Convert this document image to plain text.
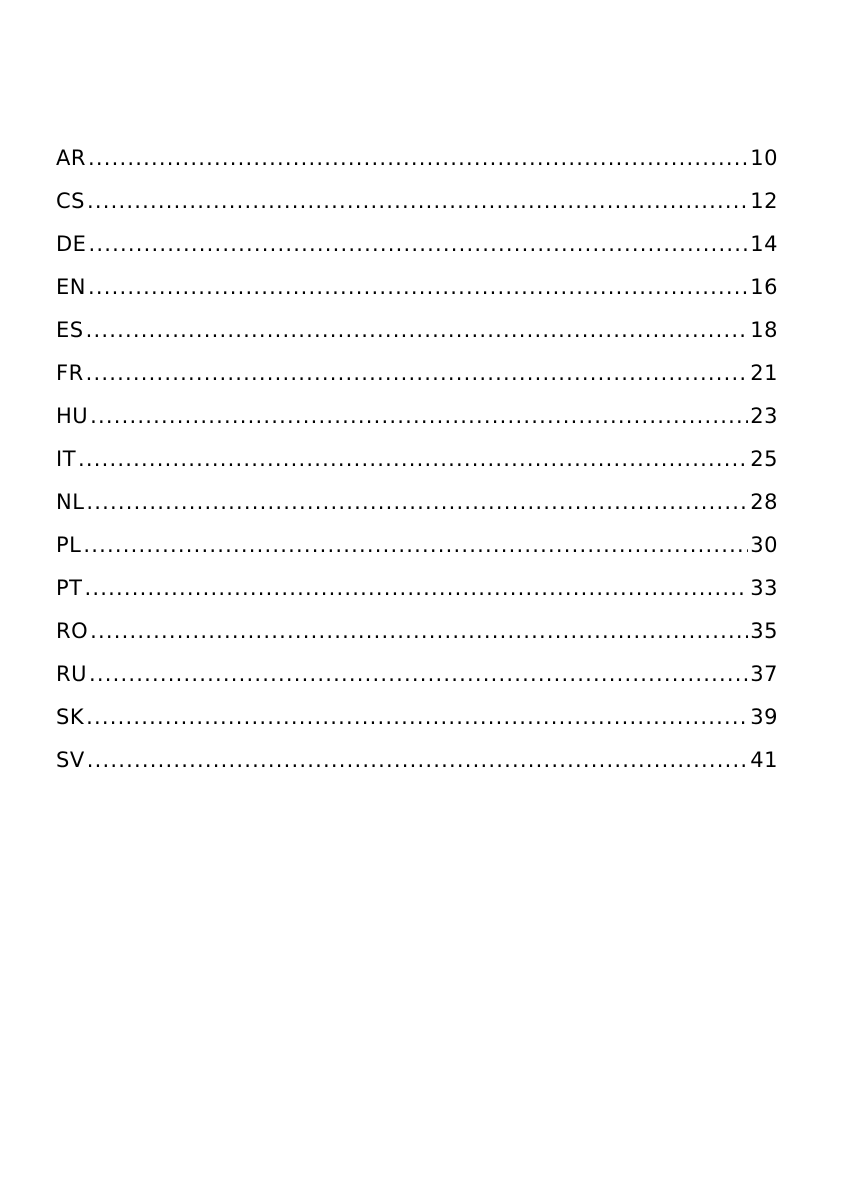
AR .....	10
CS .....	12
DE .....	14
EN .....	16
ES .....	18
FR .....	21
HU .....	23
IT .....	25
NL .....	28
PL .....	30
PT .....	33
RO .....	35
RU .....	37
SK .....	39
SV .....	41
